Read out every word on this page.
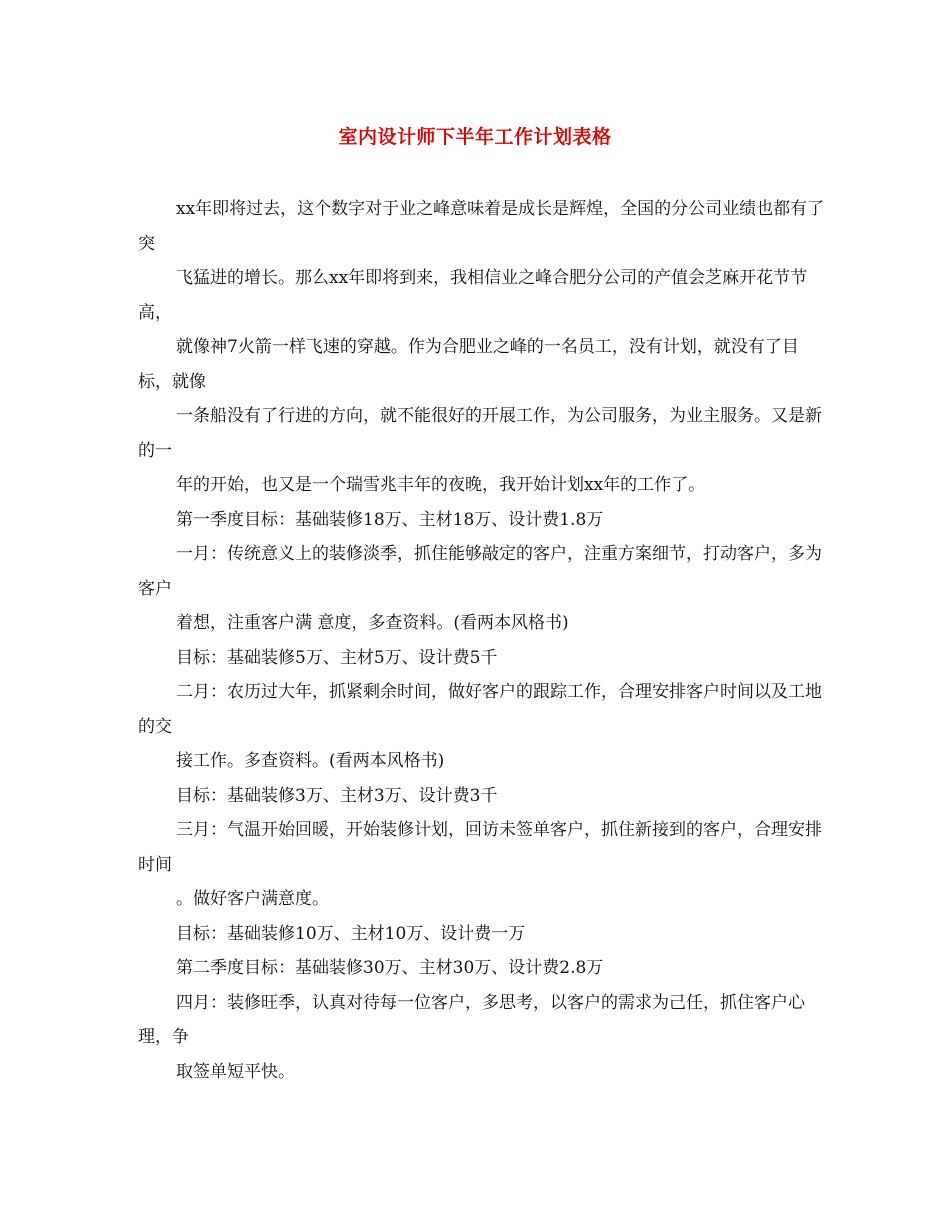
室内设计师下半年工作计划表格

xx年即将过去，这个数字对于业之峰意味着是成长是辉煌，全国的分公司业绩也都有了突

飞猛进的增长。那么xx年即将到来，我相信业之峰合肥分公司的产值会芝麻开花节节高，

就像神7火箭一样飞速的穿越。作为合肥业之峰的一名员工，没有计划，就没有了目标，就像

一条船没有了行进的方向，就不能很好的开展工作，为公司服务，为业主服务。又是新的一

年的开始，也又是一个瑞雪兆丰年的夜晚，我开始计划xx年的工作了。

第一季度目标：基础装修18万、主材18万、设计费1.8万

一月：传统意义上的装修淡季，抓住能够敲定的客户，注重方案细节，打动客户，多为客户

着想，注重客户满 意度，多查资料。(看两本风格书)

目标：基础装修5万、主材5万、设计费5千

二月：农历过大年，抓紧剩余时间，做好客户的跟踪工作，合理安排客户时间以及工地的交

接工作。多查资料。(看两本风格书)

目标：基础装修3万、主材3万、设计费3千

三月：气温开始回暖，开始装修计划，回访未签单客户，抓住新接到的客户，合理安排时间

。做好客户满意度。

目标：基础装修10万、主材10万、设计费一万

第二季度目标：基础装修30万、主材30万、设计费2.8万

四月：装修旺季，认真对待每一位客户，多思考，以客户的需求为己任，抓住客户心理，争

取签单短平快。
